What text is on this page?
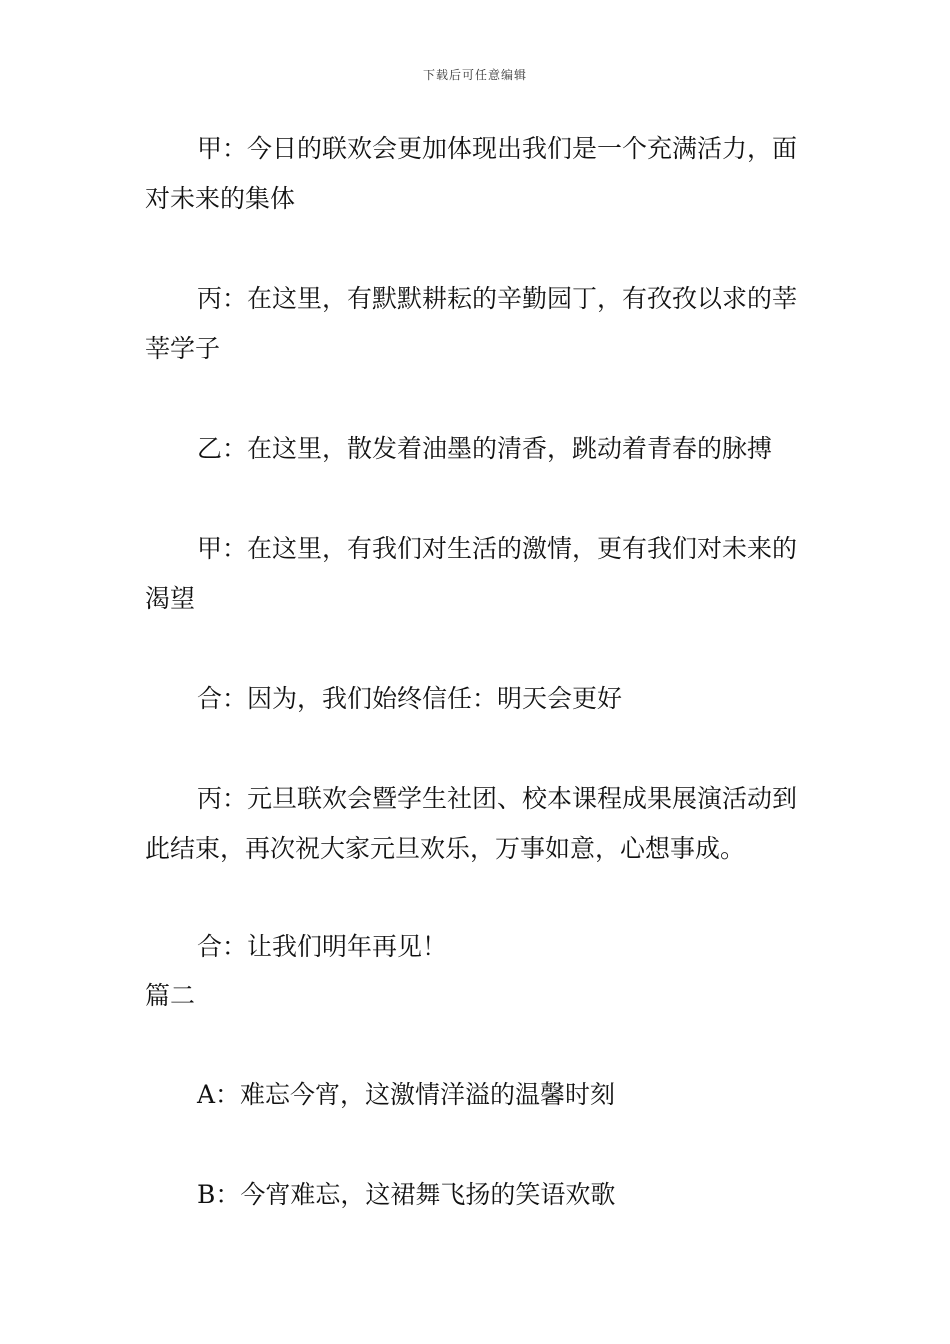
下载后可任意编辑

甲：今日的联欢会更加体现出我们是一个充满活力，面对未来的集体

丙：在这里，有默默耕耘的辛勤园丁，有孜孜以求的莘莘学子

乙：在这里，散发着油墨的清香，跳动着青春的脉搏

甲：在这里，有我们对生活的激情，更有我们对未来的渴望

合：因为，我们始终信任：明天会更好

丙：元旦联欢会暨学生社团、校本课程成果展演活动到此结束，再次祝大家元旦欢乐，万事如意，心想事成。

合：让我们明年再见！

篇二

A：难忘今宵，这激情洋溢的温馨时刻

B：今宵难忘，这裙舞飞扬的笑语欢歌
